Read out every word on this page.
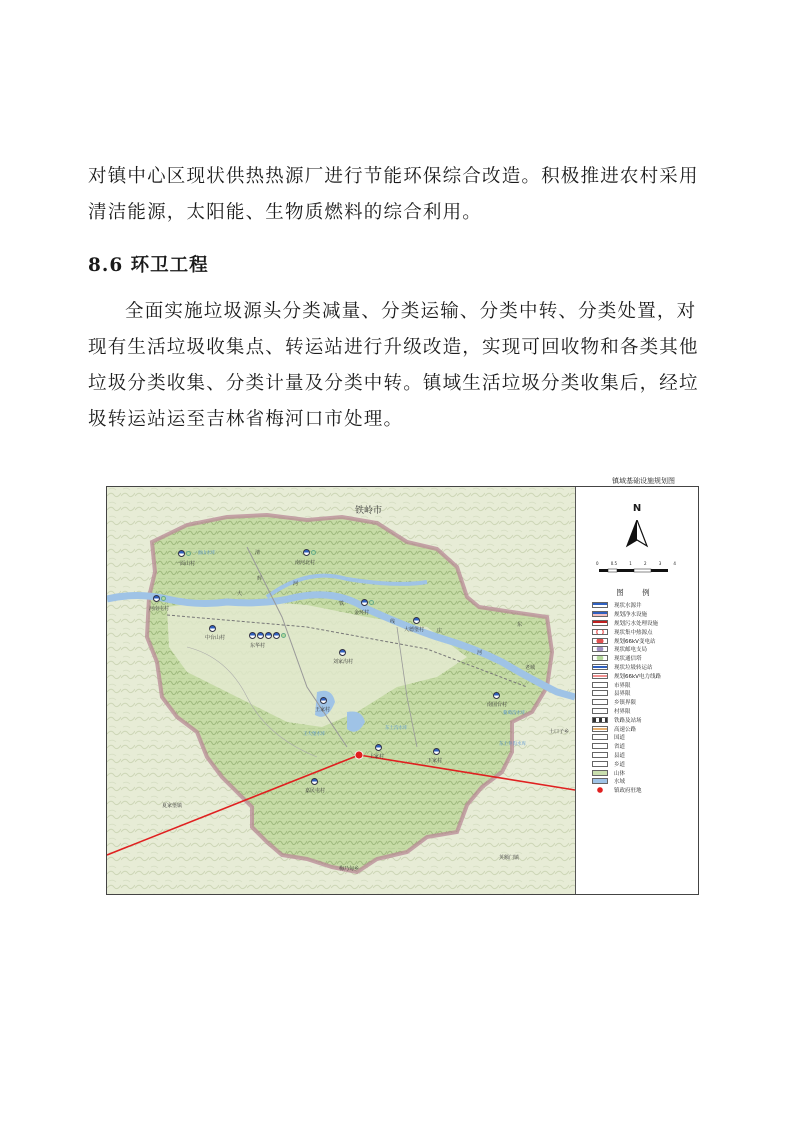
对镇中心区现状供热热源厂进行节能环保综合改造。积极推进农村采用清洁能源，太阳能、生物质燃料的综合利用。

8.6 环卫工程

全面实施垃圾源头分类减量、分类运输、分类中转、分类处置，对现有生活垃圾收集点、转运站进行升级改造，实现可回收物和各类其他垃圾分类收集、分类计量及分类中转。镇域生活垃圾分类收集后，经垃圾转运站运至吉林省梅河口市处理。

镇域基础设施规划图
铁岭市
一面山村
一面山水库
南河北村
河南屯村
中台山村
东华村
金环村
大德堡村
刘家沟村
王家村
王大堡水库
东土沟水库
上家村
下家村
南国台村
葡萄沟水库
东土井沟水库
嘉民屯村
夏家堡镇
梅乃甸乡
英额门镇
土口子乡
大
辉
河
清
铁
东
线
庄
河
老城
N
0	0.5	1	2	3	4
图 例
现状水源井
规划净水设施
规划污水处理设施
现状集中热源点
规划66kV变电站
现状邮电支局
现状通信塔
现状垃圾转运站
规划66kV电力线路
市界限
县界限
乡镇界限
村界限
铁路及站场
高速公路
国道
省道
县道
乡道
山体
水域
镇政府驻地
